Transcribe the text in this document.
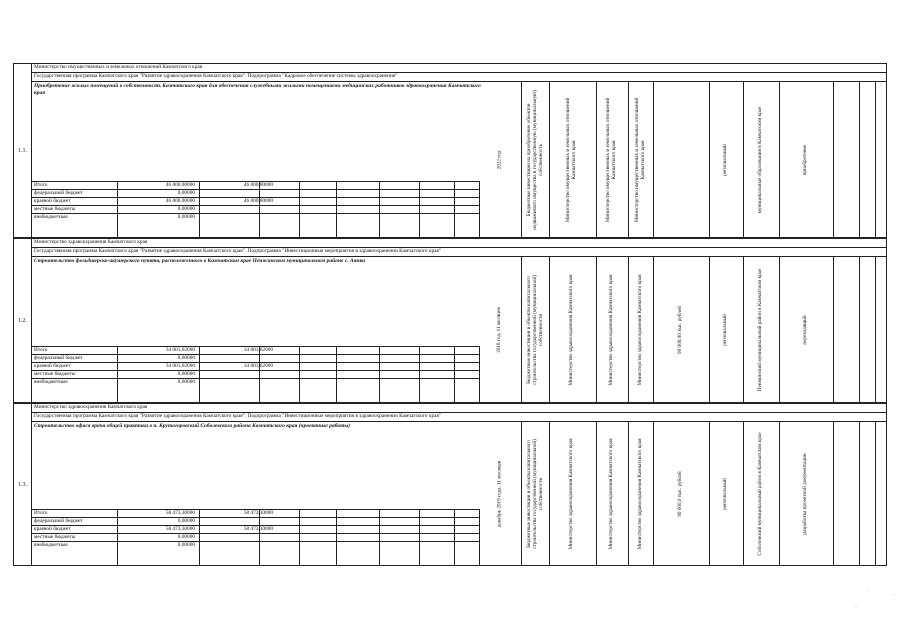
1.1.
Министерство имущественных и земельных отношений Камчатского края
Государственная программа Камчатского края "Развитие здравоохранения Камчатского края". Подпрограмма "Кадровое обеспечение системы здравоохранения"
Приобретение жилых помещений в собственность Камчатского края для обеспечения служебными жилыми помещениями медицинских работников здравоохранения Камчатского края
2022 год	Бюджетные инвестиции на приобретение объектов недвижимого имущества в государственную (муниципальную) собственность	Министерство имущественных и земельных отношений Камчатского края	Министерство имущественных и земельных отношений Камчатского края	Министерство имущественных и земельных отношений Камчатского края	региональный	муниципальные образования в Камчатском крае	приобретение
Итого	46 000,00000	46 000,00000
федеральный бюджет	0,00000
краевой бюджет	46 000,00000	46 000,00000
местные бюджеты	0,00000
внебюджетные	0,00000
1.2.
Министерство здравоохранения Камчатского края
Государственная программа Камчатского края "Развитие здравоохранения Камчатского края". Подпрограмма "Инвестиционные мероприятия в здравоохранении Камчатского края"
Строительство фельдшерско-акушерского пункта, расположенного в Камчатском крае Пенжинском муниципальном районе с. Аянка
2018 год, 11 месяцев	Бюджетные инвестиции в объекты капитального строительства государственной (муниципальной) собственности	Министерство здравоохранения Камчатского края	Министерство здравоохранения Камчатского края	Министерство здравоохранения Камчатского края	90 000,00 тыс. рублей	региональный	Пенжинский муниципальный район в Камчатском крае	переходящий
Итого	34 001,62000	34 001,62000
федеральный бюджет	0,00000
краевой бюджет	34 001,62000	34 001,62000
местные бюджеты	0,00000
внебюджетные	0,00000
1.3.
Министерство здравоохранения Камчатского края
Государственная программа Камчатского края "Развитие здравоохранения Камчатского края". Подпрограмма "Инвестиционные мероприятия в здравоохранении Камчатского края"
Строительство офиса врача общей практики в п. Крутогоровский Соболевского района Камчатского края (проектные работы)
декабрь 2019 года, 11 месяцев	Бюджетные инвестиции в объекты капитального строительства государственной (муниципальной) собственности	Министерство здравоохранения Камчатского края	Министерство здравоохранения Камчатского края	Министерство здравоохранения Камчатского края	90 000,0 тыс. рублей	региональный	Соболевский муниципальный район в Камчатском крае	разработка проектной документации
Итого	58 473,30000	58 473,30000
федеральный бюджет	0,00000
краевой бюджет	58 473,30000	58 473,30000
местные бюджеты	0,00000
внебюджетные	0,00000
·
·
·
